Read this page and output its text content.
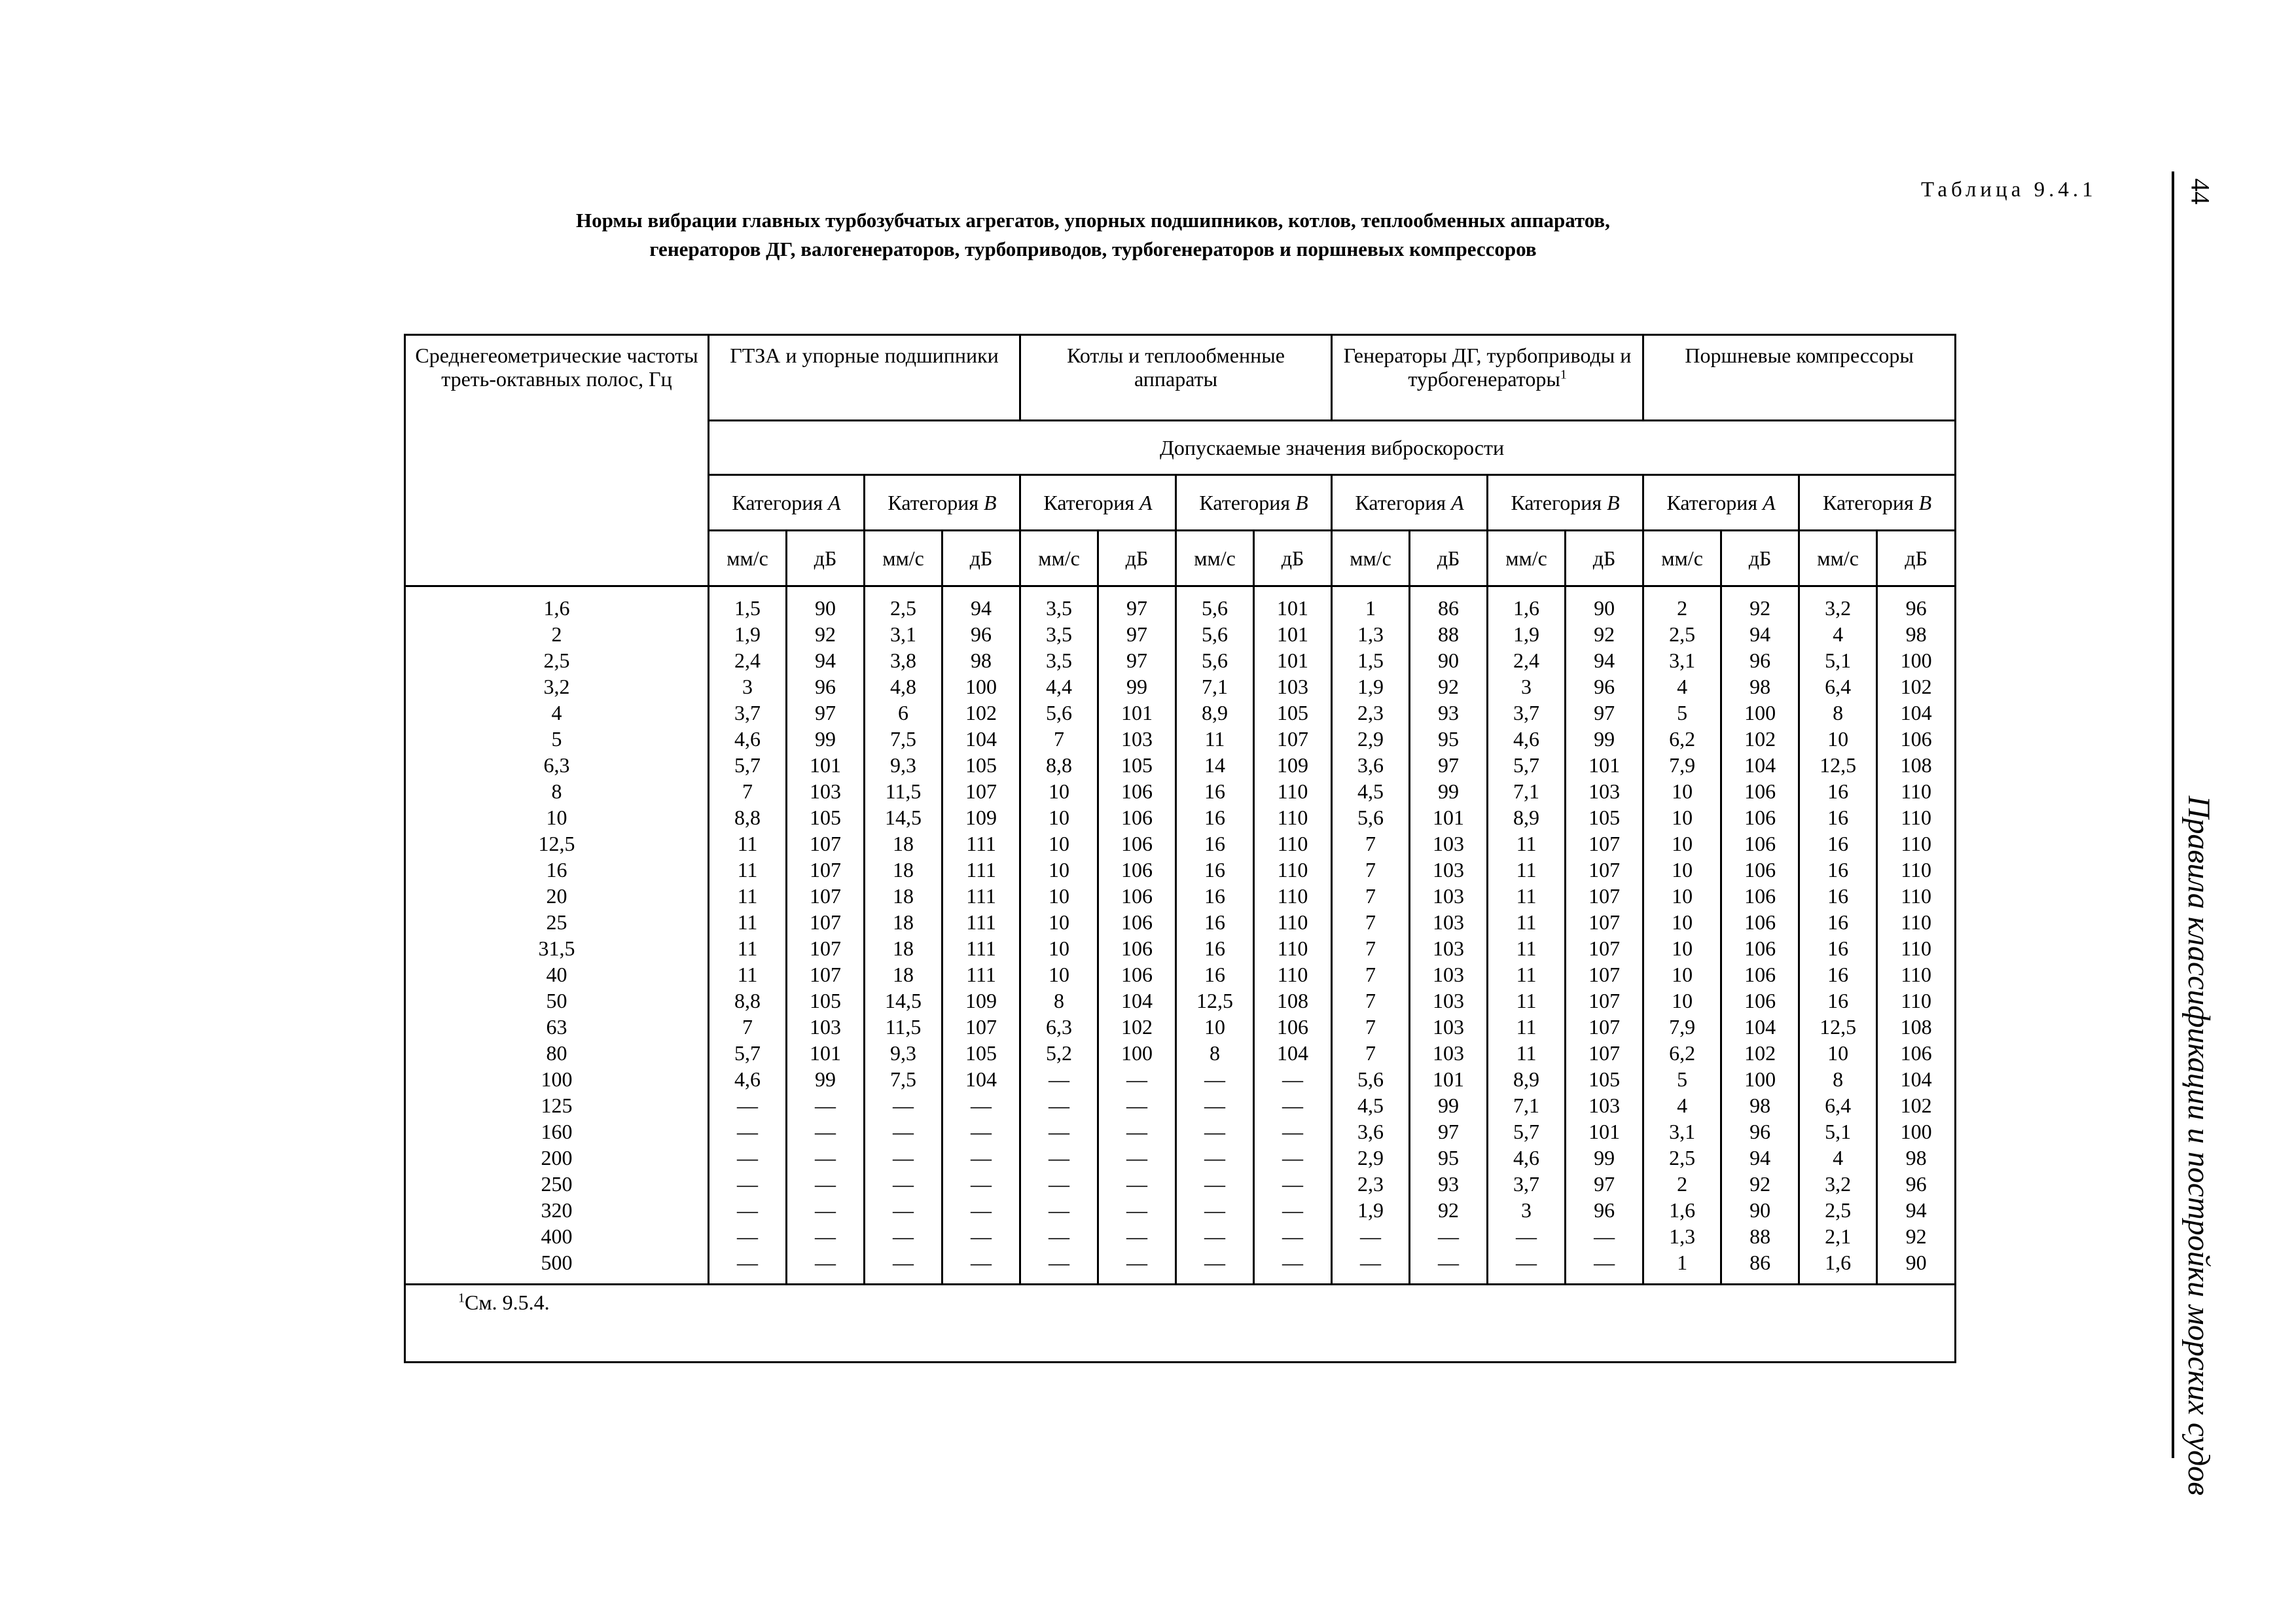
Таблица 9.4.1
Нормы вибрации главных турбозубчатых агрегатов, упорных подшипников, котлов, теплообменных аппаратов,
генераторов ДГ, валогенераторов, турбоприводов, турбогенераторов и поршневых компрессоров
44
Правила классификации и постройки морских судов
Среднегеометрические частоты треть-октавных полос, Гц	ГТЗА и упорные подшипники				Котлы и теплообменные аппараты				Генераторы ДГ, турбоприводы и турбогенераторы$^1$				Поршневые компрессоры			
	Допускаемые значения виброскорости															
	Категория A		Категория B		Категория A		Категория B		Категория A		Категория B		Категория A		Категория B	
	мм/с	дБ	мм/с	дБ	мм/с	дБ	мм/с	дБ	мм/с	дБ	мм/с	дБ	мм/с	дБ	мм/с	дБ
1,6	1,5	90	2,5	94	3,5	97	5,6	101	1	86	1,6	90	2	92	3,2	96
2	1,9	92	3,1	96	3,5	97	5,6	101	1,3	88	1,9	92	2,5	94	4	98
2,5	2,4	94	3,8	98	3,5	97	5,6	101	1,5	90	2,4	94	3,1	96	5,1	100
3,2	3	96	4,8	100	4,4	99	7,1	103	1,9	92	3	96	4	98	6,4	102
4	3,7	97	6	102	5,6	101	8,9	105	2,3	93	3,7	97	5	100	8	104
5	4,6	99	7,5	104	7	103	11	107	2,9	95	4,6	99	6,2	102	10	106
6,3	5,7	101	9,3	105	8,8	105	14	109	3,6	97	5,7	101	7,9	104	12,5	108
8	7	103	11,5	107	10	106	16	110	4,5	99	7,1	103	10	106	16	110
10	8,8	105	14,5	109	10	106	16	110	5,6	101	8,9	105	10	106	16	110
12,5	11	107	18	111	10	106	16	110	7	103	11	107	10	106	16	110
16	11	107	18	111	10	106	16	110	7	103	11	107	10	106	16	110
20	11	107	18	111	10	106	16	110	7	103	11	107	10	106	16	110
25	11	107	18	111	10	106	16	110	7	103	11	107	10	106	16	110
31,5	11	107	18	111	10	106	16	110	7	103	11	107	10	106	16	110
40	11	107	18	111	10	106	16	110	7	103	11	107	10	106	16	110
50	8,8	105	14,5	109	8	104	12,5	108	7	103	11	107	10	106	16	110
63	7	103	11,5	107	6,3	102	10	106	7	103	11	107	7,9	104	12,5	108
80	5,7	101	9,3	105	5,2	100	8	104	7	103	11	107	6,2	102	10	106
100	4,6	99	7,5	104	—	—	—	—	5,6	101	8,9	105	5	100	8	104
125	—	—	—	—	—	—	—	—	4,5	99	7,1	103	4	98	6,4	102
160	—	—	—	—	—	—	—	—	3,6	97	5,7	101	3,1	96	5,1	100
200	—	—	—	—	—	—	—	—	2,9	95	4,6	99	2,5	94	4	98
250	—	—	—	—	—	—	—	—	2,3	93	3,7	97	2	92	3,2	96
320	—	—	—	—	—	—	—	—	1,9	92	3	96	1,6	90	2,5	94
400	—	—	—	—	—	—	—	—	—	—	—	—	1,3	88	2,1	92
500	—	—	—	—	—	—	—	—	—	—	—	—	1	86	1,6	90
$^1$См. 9.5.4.																
